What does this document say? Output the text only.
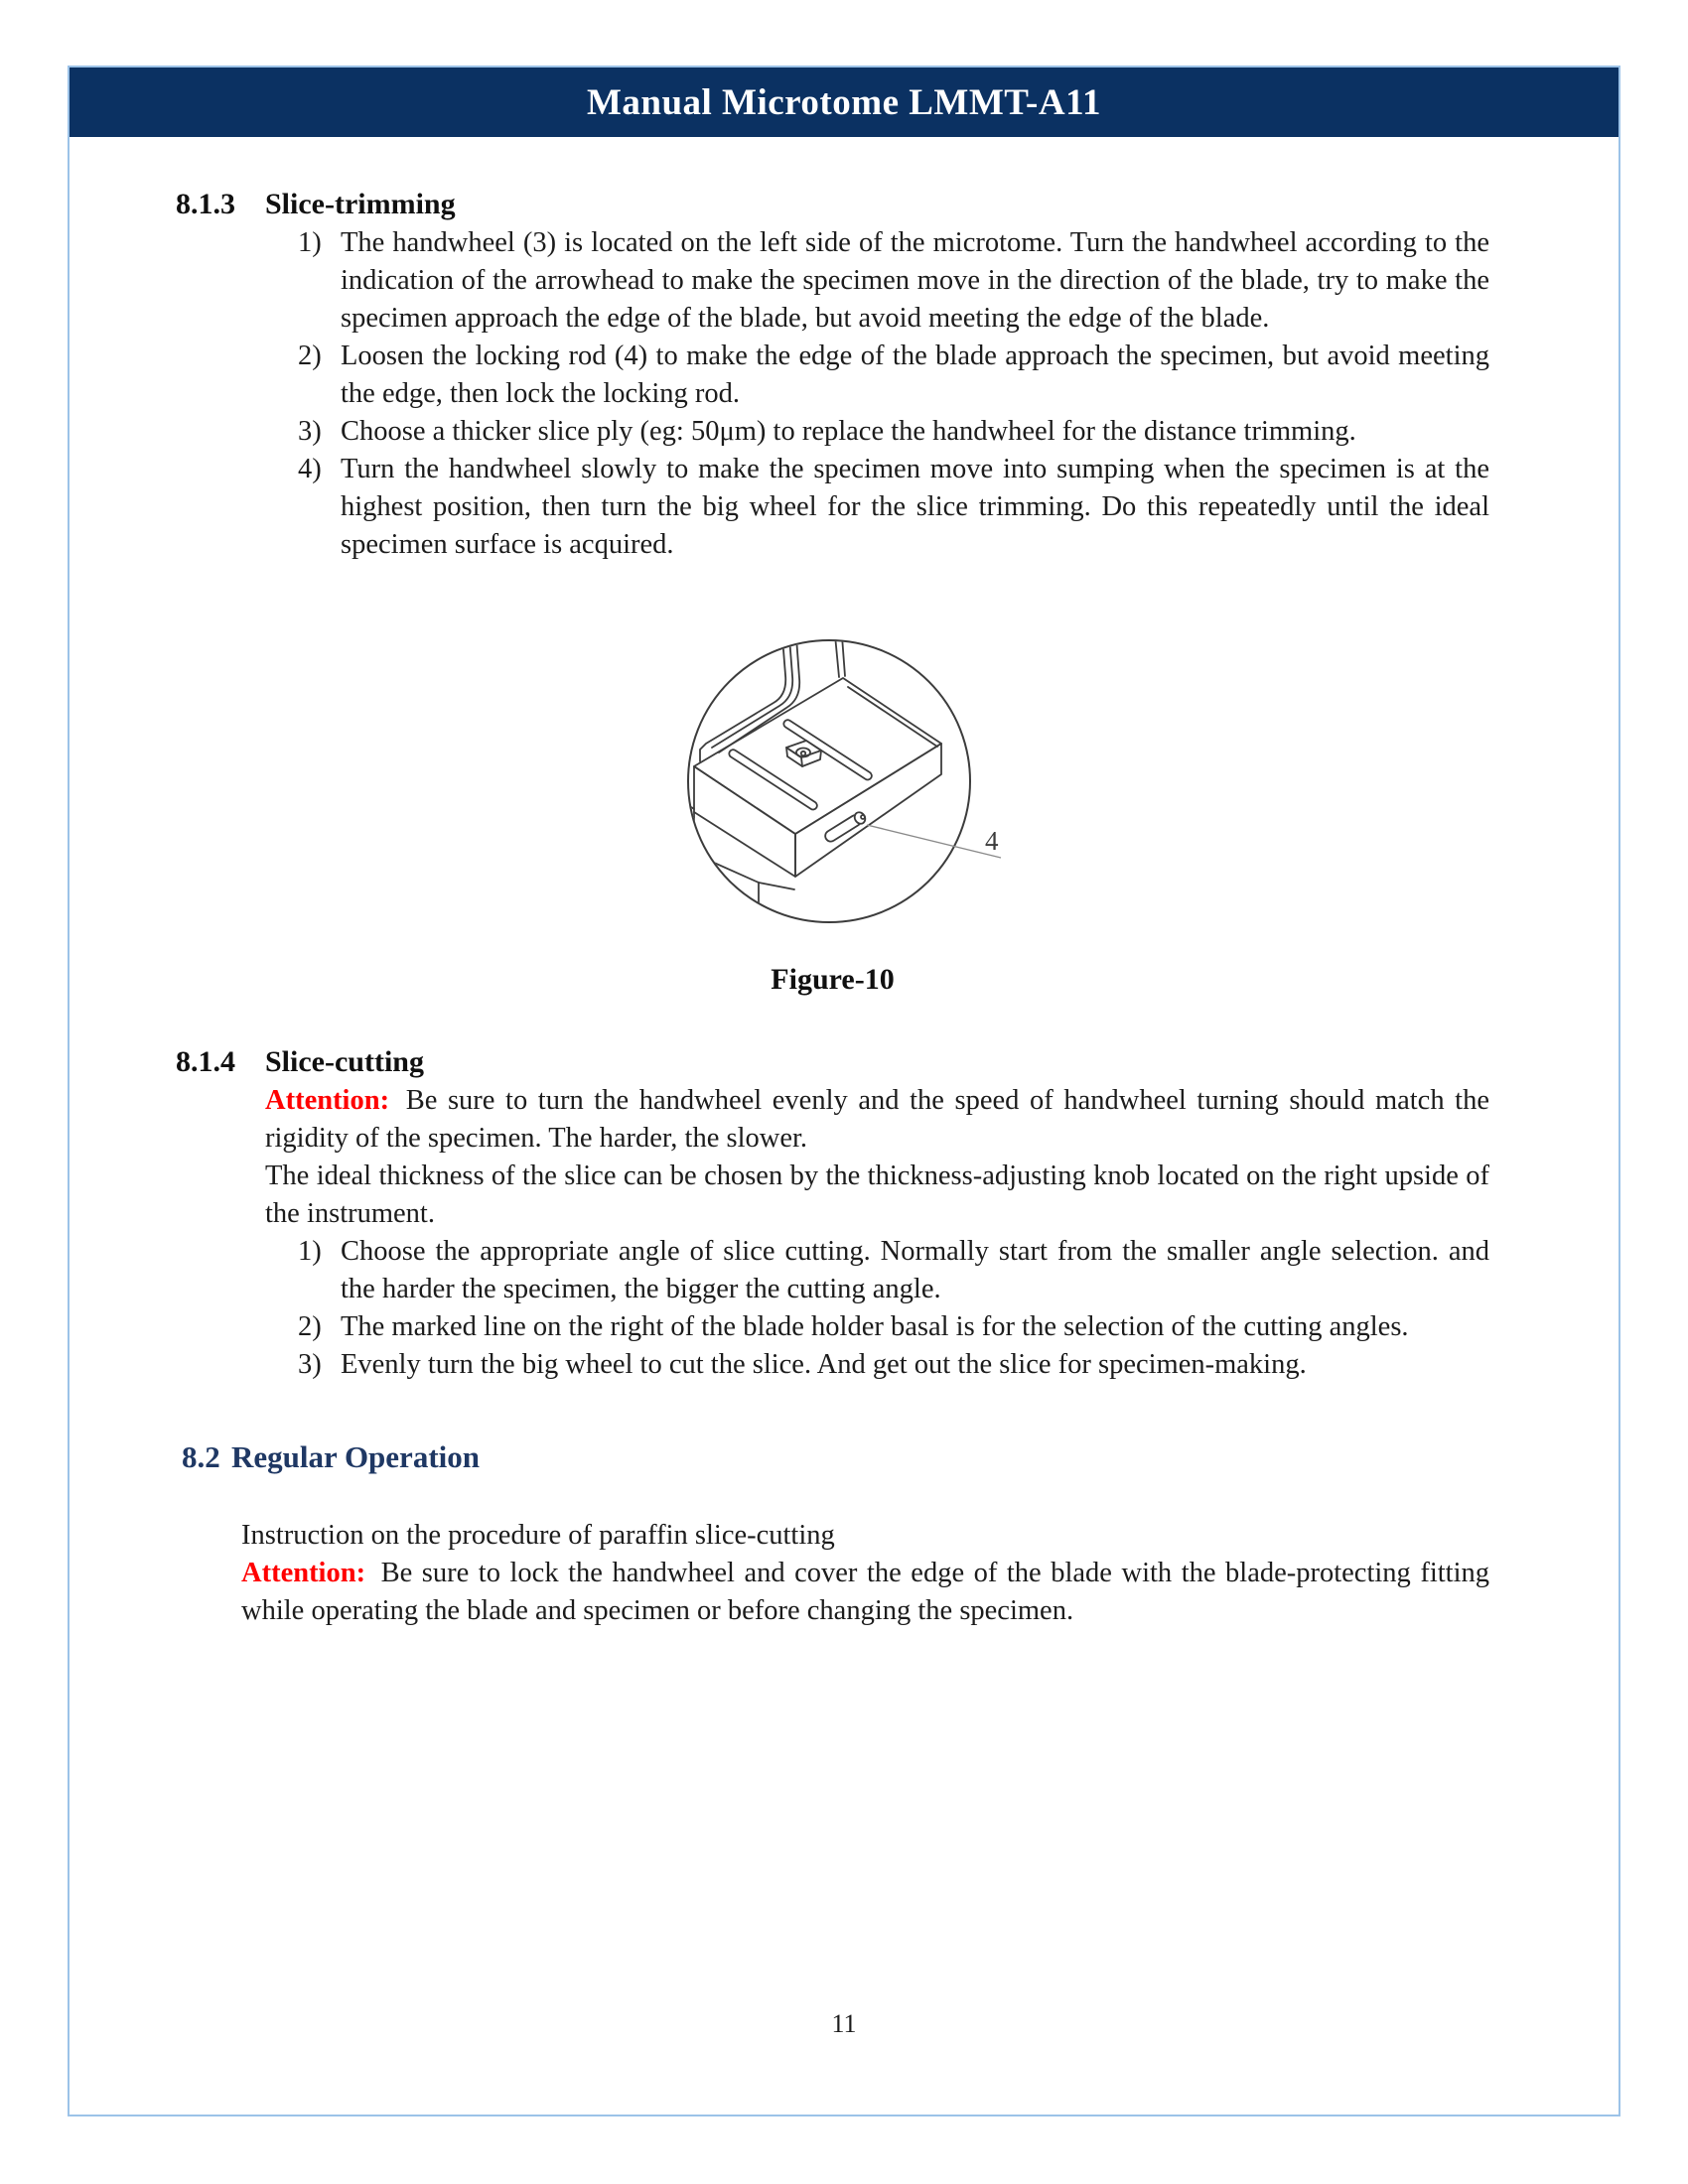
Manual Microtome LMMT-A11
8.1.3	Slice-trimming
1) The handwheel (3) is located on the left side of the microtome. Turn the handwheel according to the indication of the arrowhead to make the specimen move in the direction of the blade, try to make the specimen approach the edge of the blade, but avoid meeting the edge of the blade.
2) Loosen the locking rod (4) to make the edge of the blade approach the specimen, but avoid meeting the edge, then lock the locking rod.
3) Choose a thicker slice ply (eg: 50μm) to replace the handwheel for the distance trimming.
4) Turn the handwheel slowly to make the specimen move into sumping when the specimen is at the highest position, then turn the big wheel for the slice trimming. Do this repeatedly until the ideal specimen surface is acquired.
4
Figure-10
8.1.4	Slice-cutting

Attention: Be sure to turn the handwheel evenly and the speed of handwheel turning should match the rigidity of the specimen. The harder, the slower.

The ideal thickness of the slice can be chosen by the thickness-adjusting knob located on the right upside of the instrument.

1) Choose the appropriate angle of slice cutting. Normally start from the smaller angle selection. and the harder the specimen, the bigger the cutting angle.
2) The marked line on the right of the blade holder basal is for the selection of the cutting angles.
3) Evenly turn the big wheel to cut the slice. And get out the slice for specimen-making.
8.2 Regular Operation

Instruction on the procedure of paraffin slice-cutting

Attention: Be sure to lock the handwheel and cover the edge of the blade with the blade-protecting fitting while operating the blade and specimen or before changing the specimen.

11
